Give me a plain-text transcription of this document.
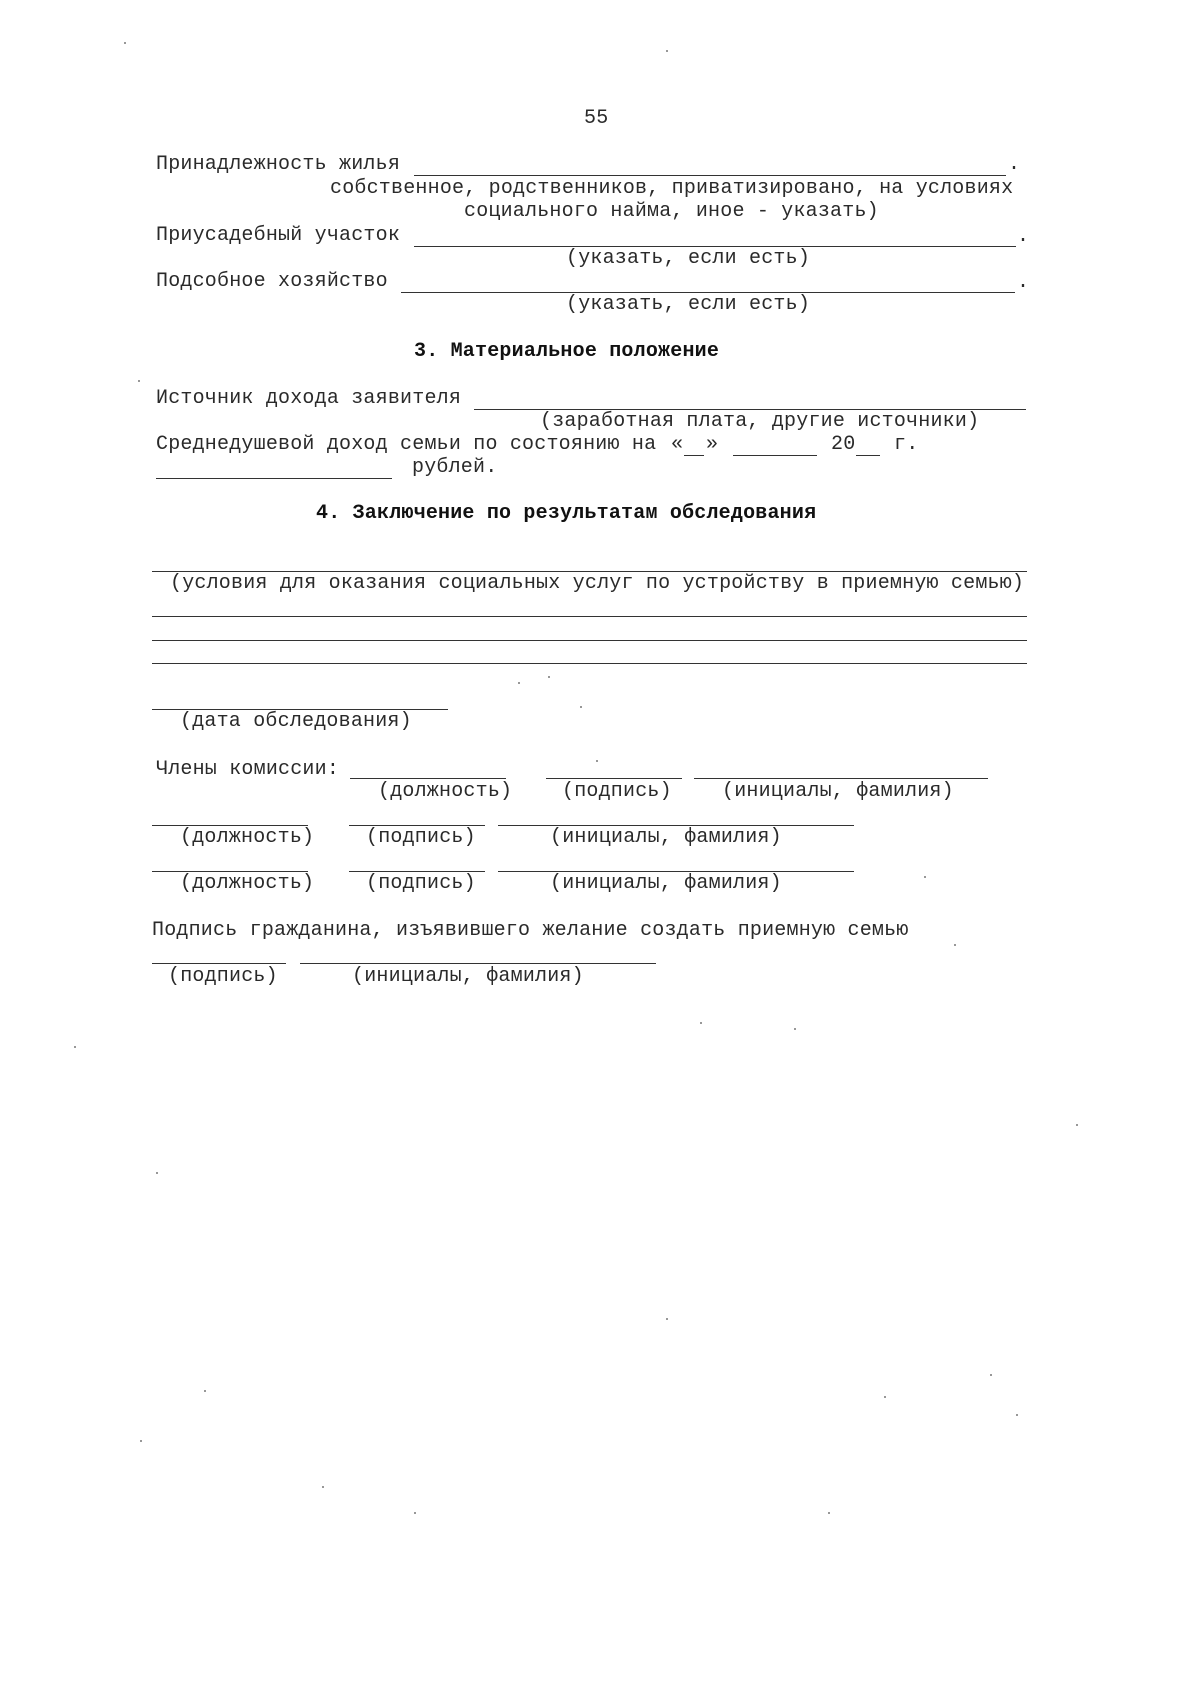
55
Принадлежность жилья	.
собственное, родственников, приватизировано, на условиях
социального найма, иное - указать)
Приусадебный участок	.
(указать, если есть)
Подсобное хозяйство	.
(указать, если есть)
3. Материальное положение
Источник дохода заявителя
(заработная плата, другие источники)
Среднедушевой доход семьи по состоянию на « »	20 г.
рублей.
4. Заключение по результатам обследования
(условия для оказания социальных услуг по устройству в приемную семью)
(дата обследования)
Члены комиссии:
(должность) (подпись)	(инициалы, фамилия)
(должность)	(подпись)	(инициалы, фамилия)
(должность)	(подпись)	(инициалы, фамилия)
Подпись гражданина, изъявившего желание создать приемную семью
(подпись)	(инициалы, фамилия)
